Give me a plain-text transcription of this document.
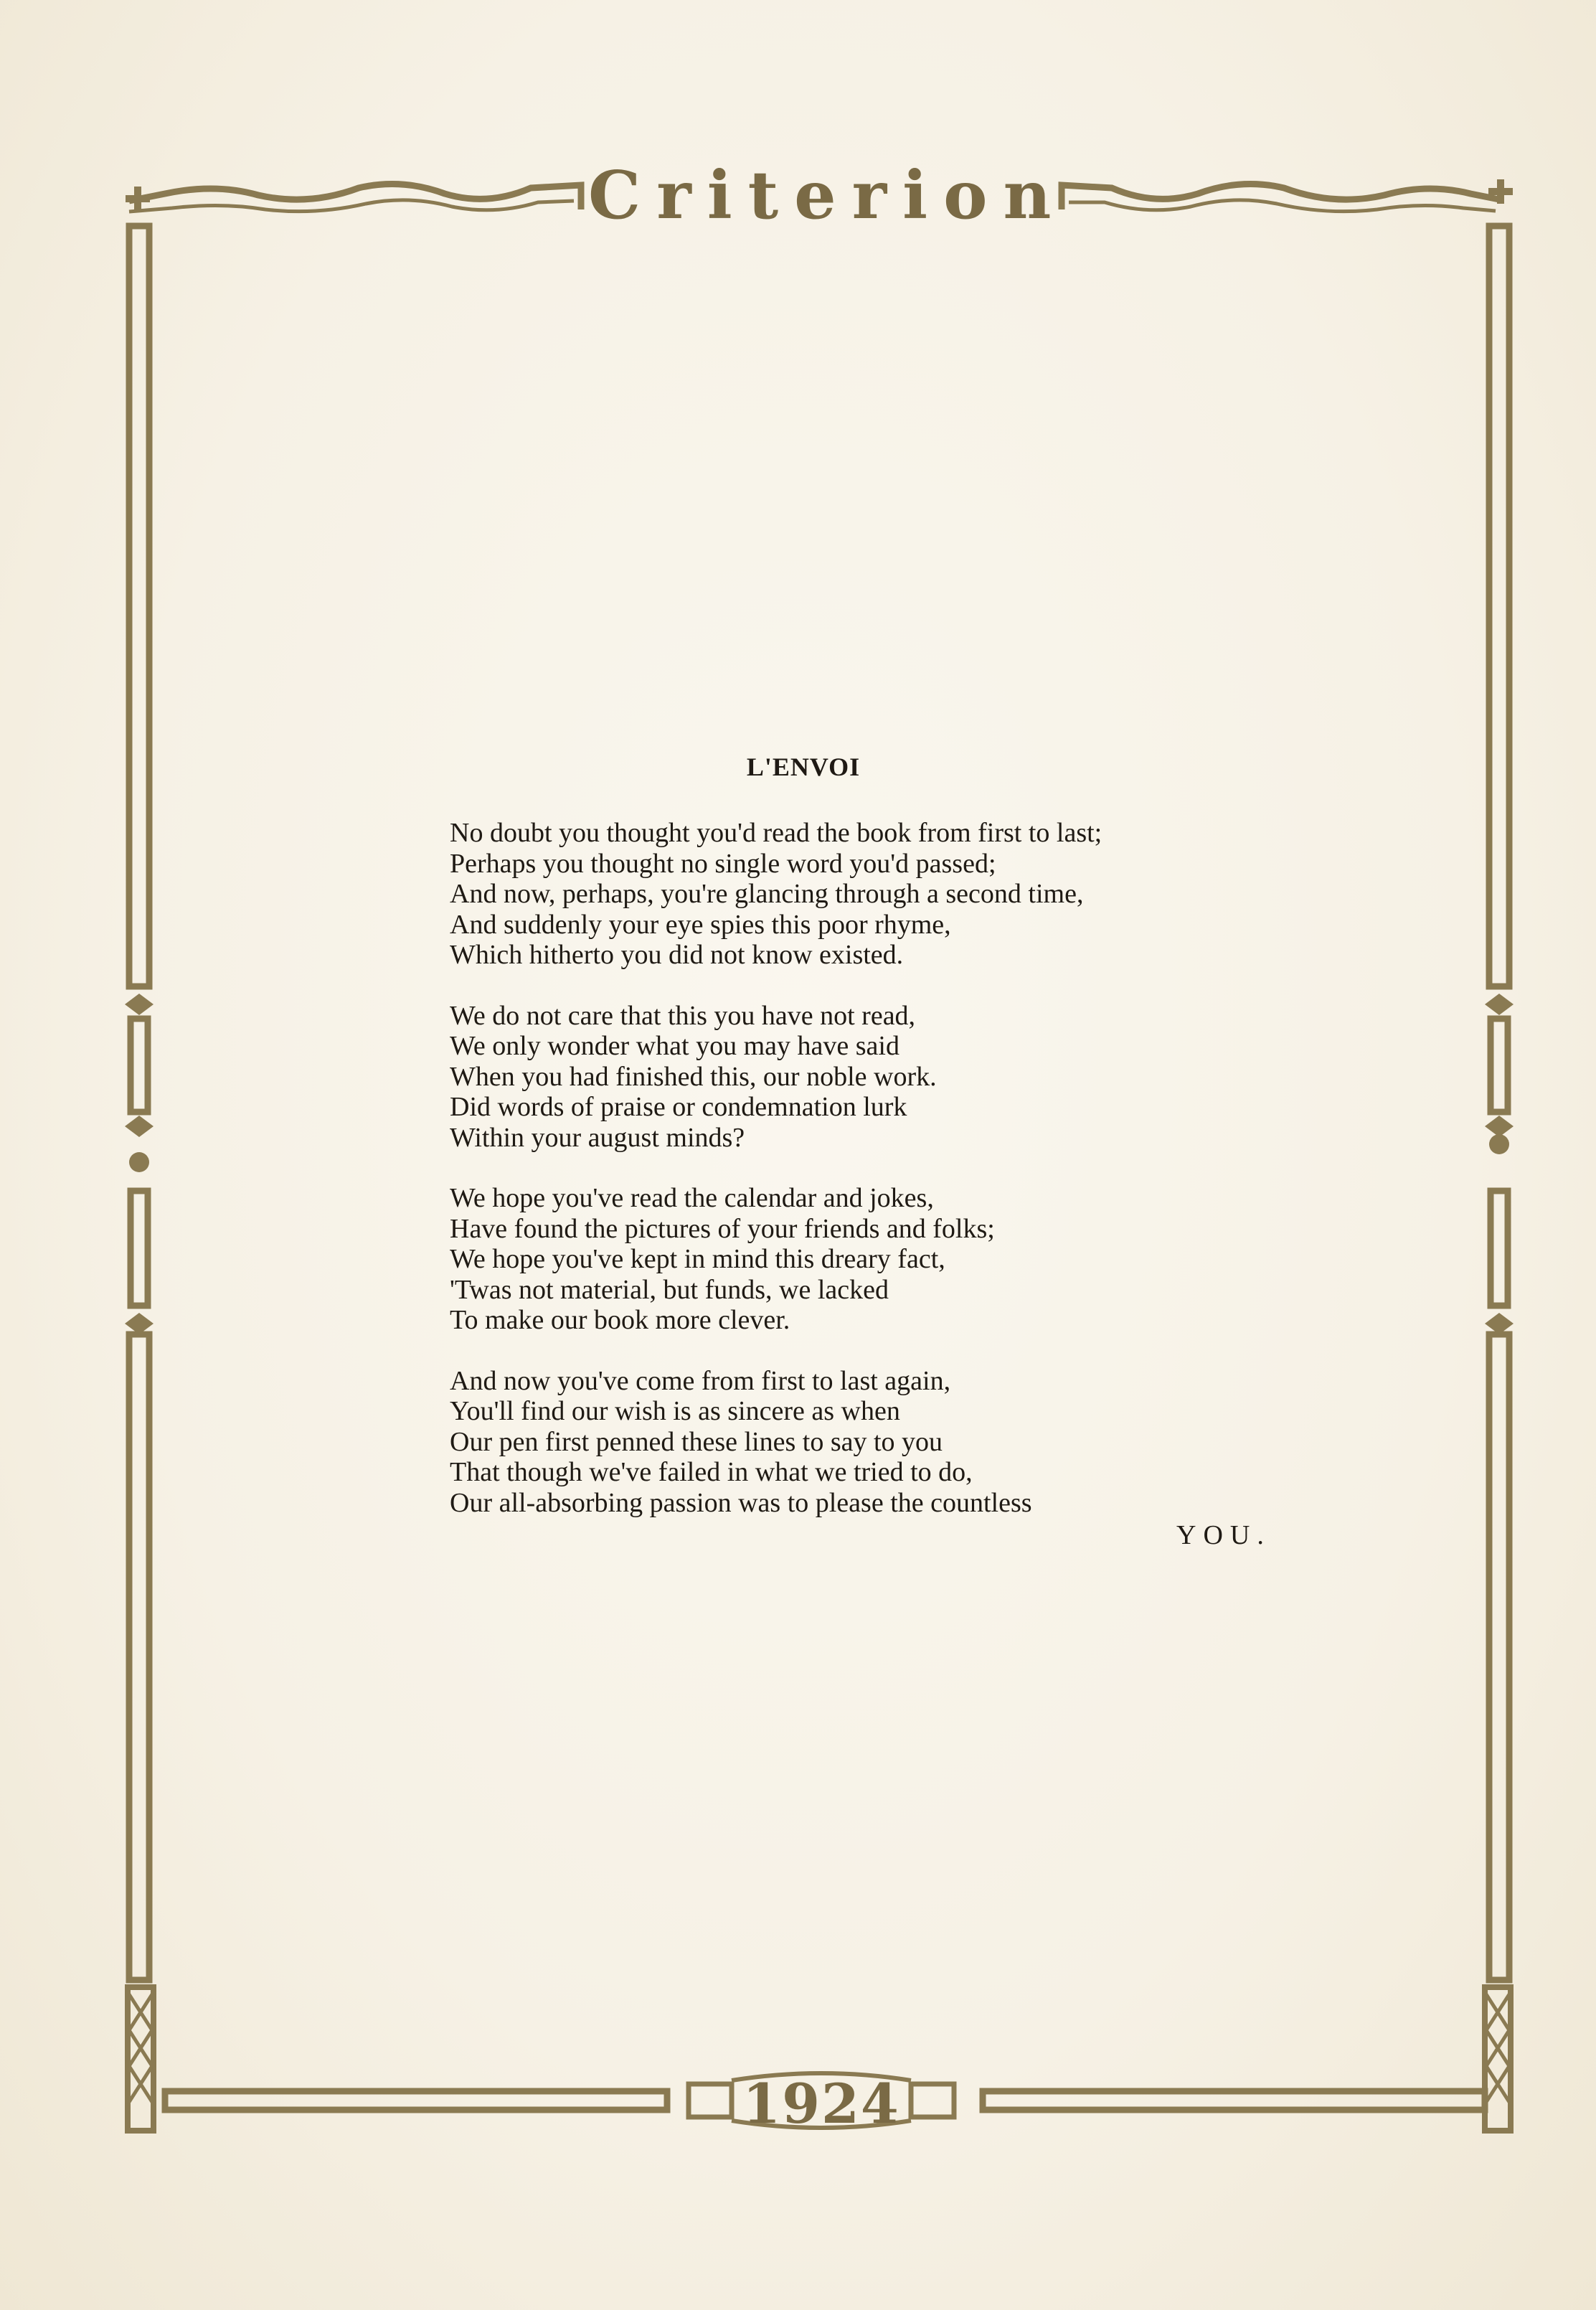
Criterion
1924
L'ENVOI
No doubt you thought you'd read the book from first to last;
Perhaps you thought no single word you'd passed;
And now, perhaps, you're glancing through a second time,
And suddenly your eye spies this poor rhyme,
Which hitherto you did not know existed.
We do not care that this you have not read,
We only wonder what you may have said
When you had finished this, our noble work.
Did words of praise or condemnation lurk
Within your august minds?
We hope you've read the calendar and jokes,
Have found the pictures of your friends and folks;
We hope you've kept in mind this dreary fact,
'Twas not material, but funds, we lacked
To make our book more clever.
And now you've come from first to last again,
You'll find our wish is as sincere as when
Our pen first penned these lines to say to you
That though we've failed in what we tried to do,
Our all-absorbing passion was to please the countless
YOU.
